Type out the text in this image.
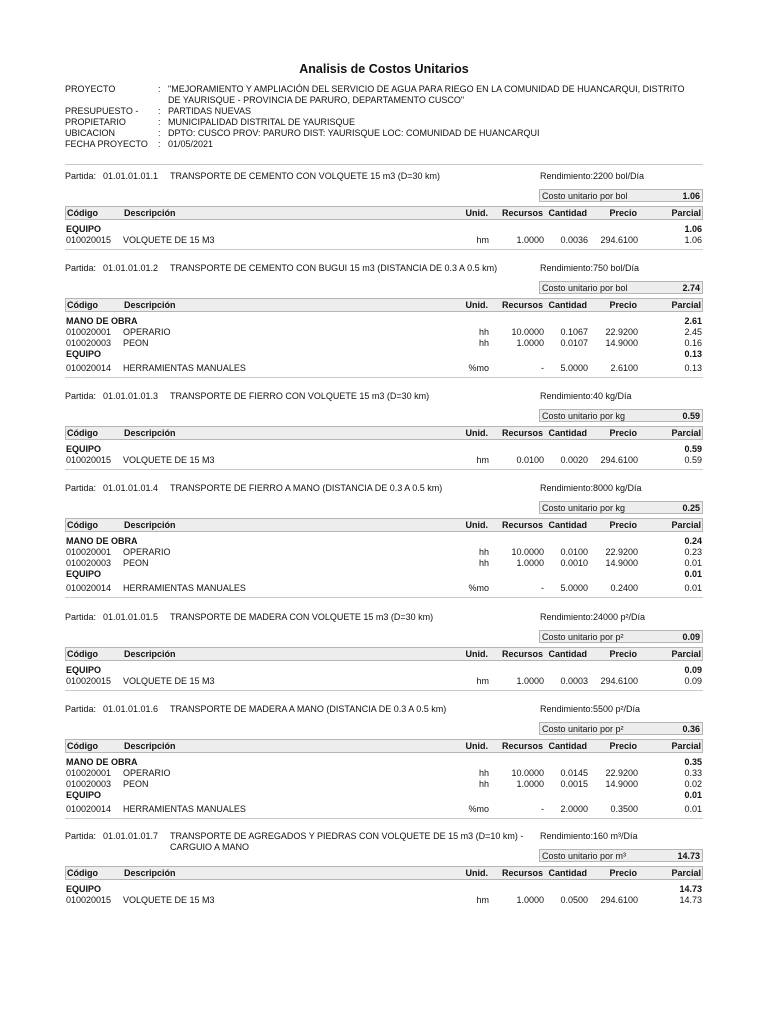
Analisis de Costos Unitarios
PROYECTO	: "MEJORAMIENTO Y AMPLIACIÓN DEL SERVICIO DE AGUA PARA RIEGO EN LA COMUNIDAD DE HUANCARQUI, DISTRITO
DE YAURISQUE - PROVINCIA DE PARURO, DEPARTAMENTO CUSCO"
PRESUPUESTO -	: PARTIDAS NUEVAS
PROPIETARIO	: MUNICIPALIDAD DISTRITAL DE YAURISQUE
UBICACION	: DPTO: CUSCO PROV: PARURO DIST: YAURISQUE LOC: COMUNIDAD DE HUANCARQUI
FECHA PROYECTO	: 01/05/2021
Partida: 01.01.01.01.1 TRANSPORTE DE CEMENTO CON VOLQUETE 15 m3 (D=30 km)	Rendimiento:2200 bol/Día
Costo unitario por bol	1.06
Código	Descripción	Unid. Recursos Cantidad Precio	Parcial
EQUIPO	1.06
010020015 VOLQUETE DE 15 M3	hm	1.0000 0.0036 294.6100	1.06
Partida: 01.01.01.01.2 TRANSPORTE DE CEMENTO CON BUGUI 15 m3 (DISTANCIA DE 0.3 A 0.5 km)	Rendimiento:750 bol/Día
Costo unitario por bol	2.74
Código	Descripción	Unid. Recursos Cantidad Precio	Parcial
MANO DE OBRA	2.61
010020001 OPERARIO	hh 10.0000 0.1067 22.9200	2.45
010020003 PEON	hh	1.0000 0.0107 14.9000	0.16
EQUIPO	0.13
010020014 HERRAMIENTAS MANUALES	%mo	- 5.0000 2.6100	0.13
Partida: 01.01.01.01.3 TRANSPORTE DE FIERRO CON VOLQUETE 15 m3 (D=30 km)	Rendimiento:40 kg/Día
Costo unitario por kg	0.59
Código	Descripción	Unid. Recursos Cantidad Precio	Parcial
EQUIPO	0.59
010020015 VOLQUETE DE 15 M3	hm	0.0100 0.0020 294.6100	0.59
Partida: 01.01.01.01.4 TRANSPORTE DE FIERRO A MANO (DISTANCIA DE 0.3 A 0.5 km)	Rendimiento:8000 kg/Día
Costo unitario por kg	0.25
Código	Descripción	Unid. Recursos Cantidad Precio	Parcial
MANO DE OBRA	0.24
010020001 OPERARIO	hh 10.0000 0.0100 22.9200	0.23
010020003 PEON	hh	1.0000 0.0010 14.9000	0.01
EQUIPO	0.01
010020014 HERRAMIENTAS MANUALES	%mo	- 5.0000 0.2400	0.01
Partida: 01.01.01.01.5 TRANSPORTE DE MADERA CON VOLQUETE 15 m3 (D=30 km)	Rendimiento:24000 p²/Día
Costo unitario por p²	0.09
Código	Descripción	Unid. Recursos Cantidad Precio	Parcial
EQUIPO	0.09
010020015 VOLQUETE DE 15 M3	hm	1.0000 0.0003 294.6100	0.09
Partida: 01.01.01.01.6 TRANSPORTE DE MADERA A MANO (DISTANCIA DE 0.3 A 0.5 km)	Rendimiento:5500 p²/Día
Costo unitario por p²	0.36
Código	Descripción	Unid. Recursos Cantidad Precio	Parcial
MANO DE OBRA	0.35
010020001 OPERARIO	hh 10.0000 0.0145 22.9200	0.33
010020003 PEON	hh	1.0000 0.0015 14.9000	0.02
EQUIPO	0.01
010020014 HERRAMIENTAS MANUALES	%mo	- 2.0000 0.3500	0.01
Partida: 01.01.01.01.7 TRANSPORTE DE AGREGADOS Y PIEDRAS CON VOLQUETE DE 15 m3 (D=10 km) - CARGUIO A MANO
Rendimiento:160 m³/Día
Costo unitario por m³	14.73
Código	Descripción	Unid. Recursos Cantidad Precio	Parcial
EQUIPO	14.73
010020015 VOLQUETE DE 15 M3	hm	1.0000 0.0500 294.6100	14.73
